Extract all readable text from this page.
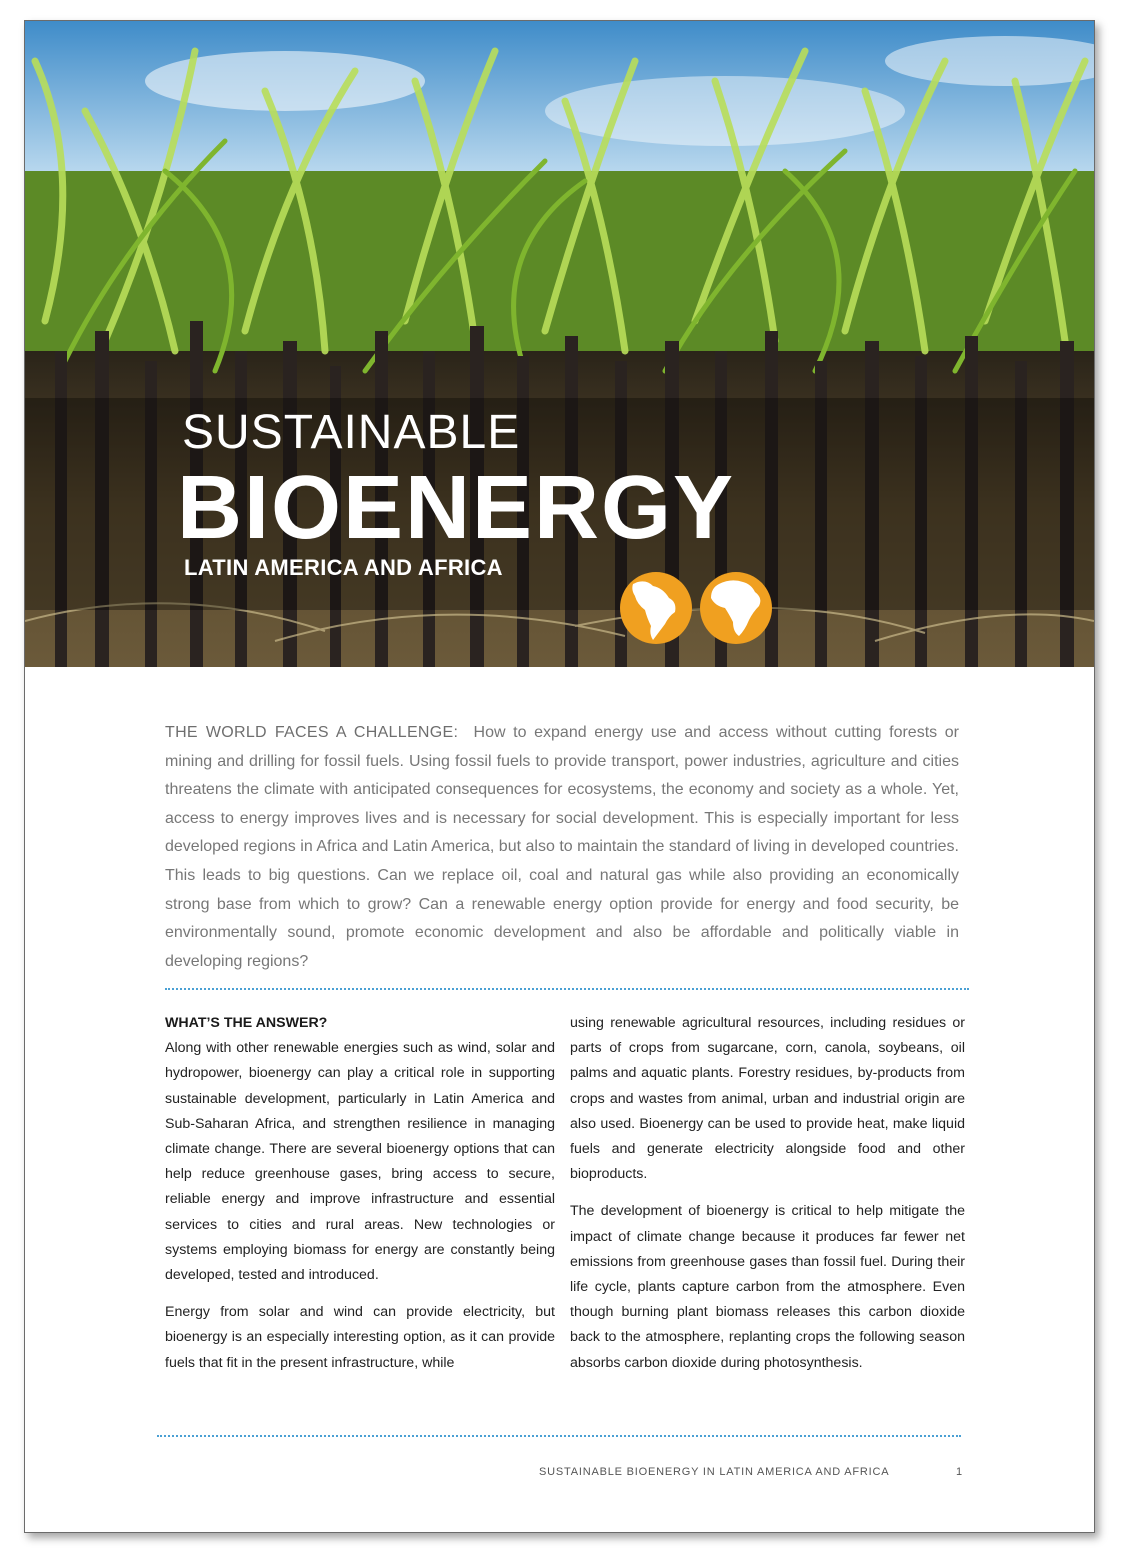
SUSTAINABLE
BIOENERGY
LATIN AMERICA AND AFRICA

THE WORLD FACES A CHALLENGE: How to expand energy use and access without cutting forests or mining and drilling for fossil fuels. Using fossil fuels to provide transport, power industries, agriculture and cities threatens the climate with anticipated consequences for ecosystems, the economy and society as a whole. Yet, access to energy improves lives and is necessary for social development. This is especially important for less developed regions in Africa and Latin America, but also to maintain the standard of living in developed countries. This leads to big questions. Can we replace oil, coal and natural gas while also providing an economically strong base from which to grow? Can a renewable energy option provide for energy and food security, be environmentally sound, promote economic development and also be affordable and politically viable in developing regions?

WHAT’S THE ANSWER?

Along with other renewable energies such as wind, solar and hydropower, bioenergy can play a critical role in supporting sustainable development, particularly in Latin America and Sub-Saharan Africa, and strengthen resilience in managing climate change. There are several bioenergy options that can help reduce greenhouse gases, bring access to secure, reliable energy and improve infrastructure and essential services to cities and rural areas. New technologies or systems employing biomass for energy are constantly being developed, tested and introduced.

Energy from solar and wind can provide electricity, but bioenergy is an especially interesting option, as it can provide fuels that fit in the present infrastructure, while

using renewable agricultural resources, including residues or parts of crops from sugarcane, corn, canola, soybeans, oil palms and aquatic plants. Forestry residues, by-products from crops and wastes from animal, urban and industrial origin are also used. Bioenergy can be used to provide heat, make liquid fuels and generate electricity alongside food and other bioproducts.

The development of bioenergy is critical to help mitigate the impact of climate change because it produces far fewer net emissions from greenhouse gases than fossil fuel. During their life cycle, plants capture carbon from the atmosphere. Even though burning plant biomass releases this carbon dioxide back to the atmosphere, replanting crops the following season absorbs carbon dioxide during photosynthesis.

SUSTAINABLE BIOENERGY IN LATIN AMERICA AND AFRICA	1
